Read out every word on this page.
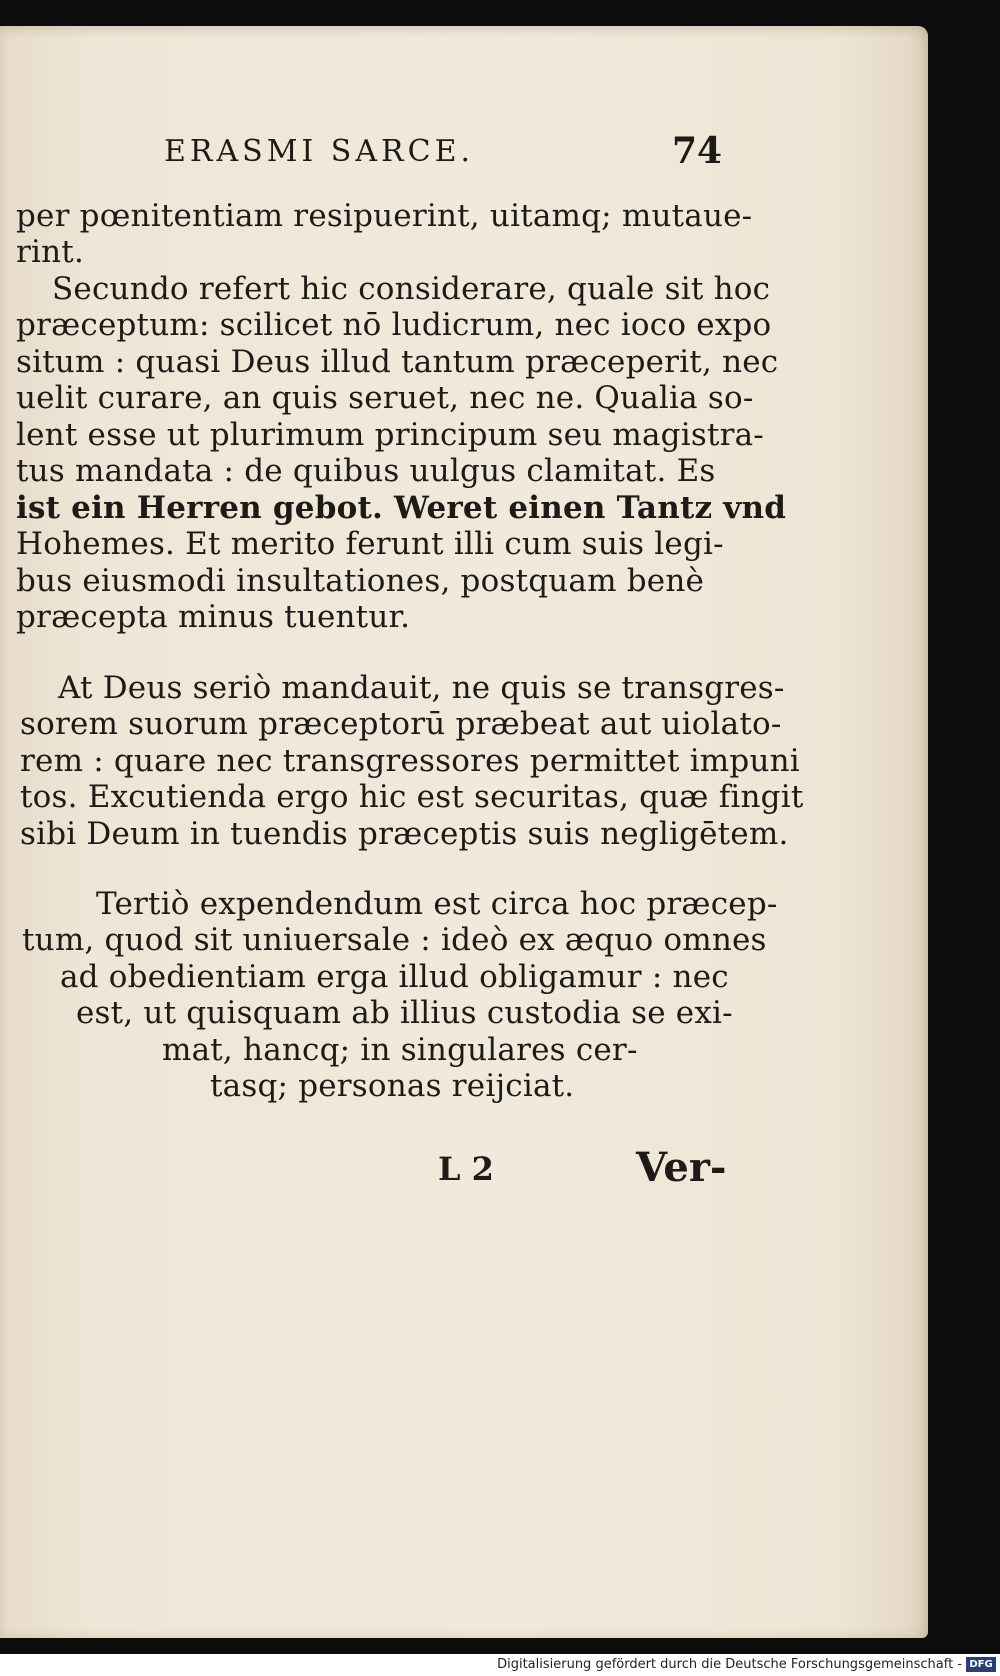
ERASMI SARCE.	74
per pœnitentiam resipuerint, uitamq; mutaue-
rint.
Secundo refert hic considerare, quale sit hoc
præceptum: scilicet nō ludicrum, nec ioco expo
situm : quasi Deus illud tantum præceperit, nec
uelit curare, an quis seruet, nec ne. Qualia so-
lent esse ut plurimum principum seu magistra-
tus mandata : de quibus uulgus clamitat. Es
ist ein Herren gebot. Weret einen Tantz vnd
Hohemes. Et merito ferunt illi cum suis legi-
bus eiusmodi insultationes, postquam benè
præcepta minus tuentur.
At Deus seriò mandauit, ne quis se transgres-
sorem suorum præceptorū præbeat aut uiolato-
rem : quare nec transgressores permittet impuni
tos. Excutienda ergo hic est securitas, quæ fingit
sibi Deum in tuendis præceptis suis negligētem.
Tertiò expendendum est circa hoc præcep-
tum, quod sit uniuersale : ideò ex æquo omnes
ad obedientiam erga illud obligamur : nec
est, ut quisquam ab illius custodia se exi-
mat, hancq; in singulares cer-
tasq; personas reijciat.
L 2	Ver-
Digitalisierung gefördert durch die Deutsche Forschungsgemeinschaft - DFG
